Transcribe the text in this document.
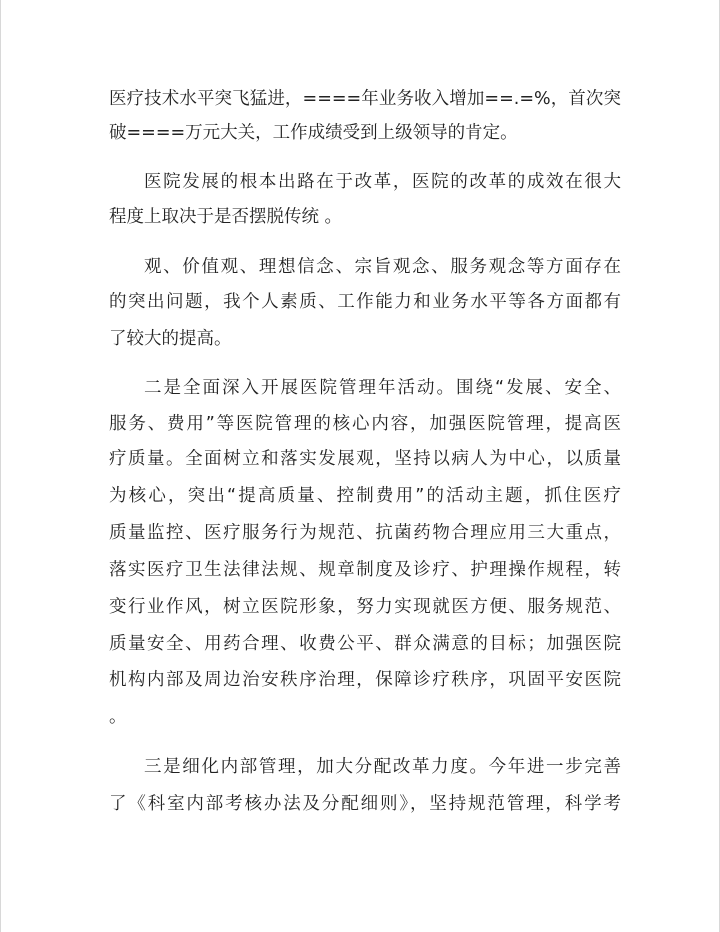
医疗技术水平突飞猛进，====年业务收入增加==.=%，首次突
破====万元大关，工作成绩受到上级领导的肯定。
医院发展的根本出路在于改革，医院的改革的成效在很大
程度上取决于是否摆脱传统 。
观、价值观、理想信念、宗旨观念、服务观念等方面存在
的突出问题，我个人素质、工作能力和业务水平等各方面都有
了较大的提高。
二是全面深入开展医院管理年活动。围绕“发展、安全、
服务、费用”等医院管理的核心内容，加强医院管理，提高医
疗质量。全面树立和落实发展观，坚持以病人为中心，以质量
为核心，突出“提高质量、控制费用”的活动主题，抓住医疗
质量监控、医疗服务行为规范、抗菌药物合理应用三大重点，
落实医疗卫生法律法规、规章制度及诊疗、护理操作规程，转
变行业作风，树立医院形象，努力实现就医方便、服务规范、
质量安全、用药合理、收费公平、群众满意的目标；加强医院
机构内部及周边治安秩序治理，保障诊疗秩序，巩固平安医院
。
三是细化内部管理，加大分配改革力度。今年进一步完善
了《科室内部考核办法及分配细则》，坚持规范管理，科学考
